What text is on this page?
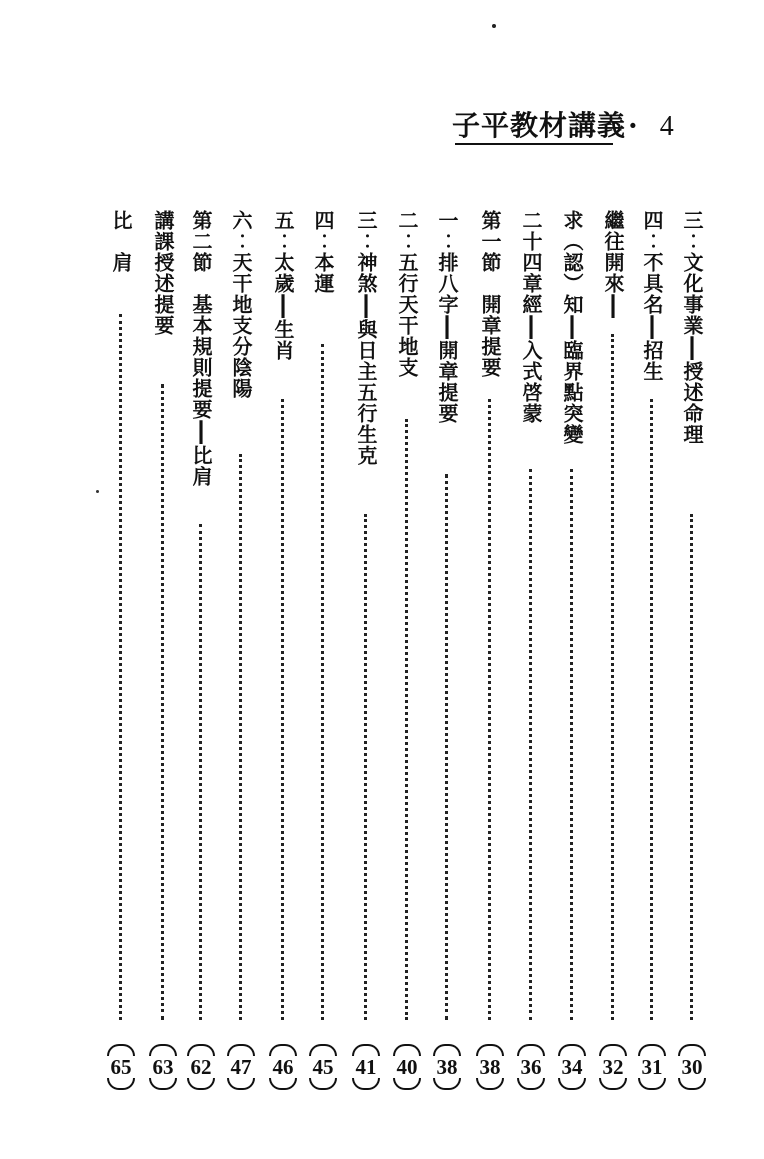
子平教材講義 · 4
三︰文化事業┃授述命理
30
四︰不具名┃招生
31
繼往開來┃
32
求︵認︶知┃臨界點突變
34
二十四章經┃入式啓蒙
36
第一節　開章提要
38
一︰排八字┃開章提要
38
二︰五行天干地支
40
三︰神煞┃與日主五行生克
41
四︰本運
45
五︰太歲┃生肖
46
六︰天干地支分陰陽
47
第二節　基本規則提要┃比肩
62
講課授述提要
63
比　肩
65
